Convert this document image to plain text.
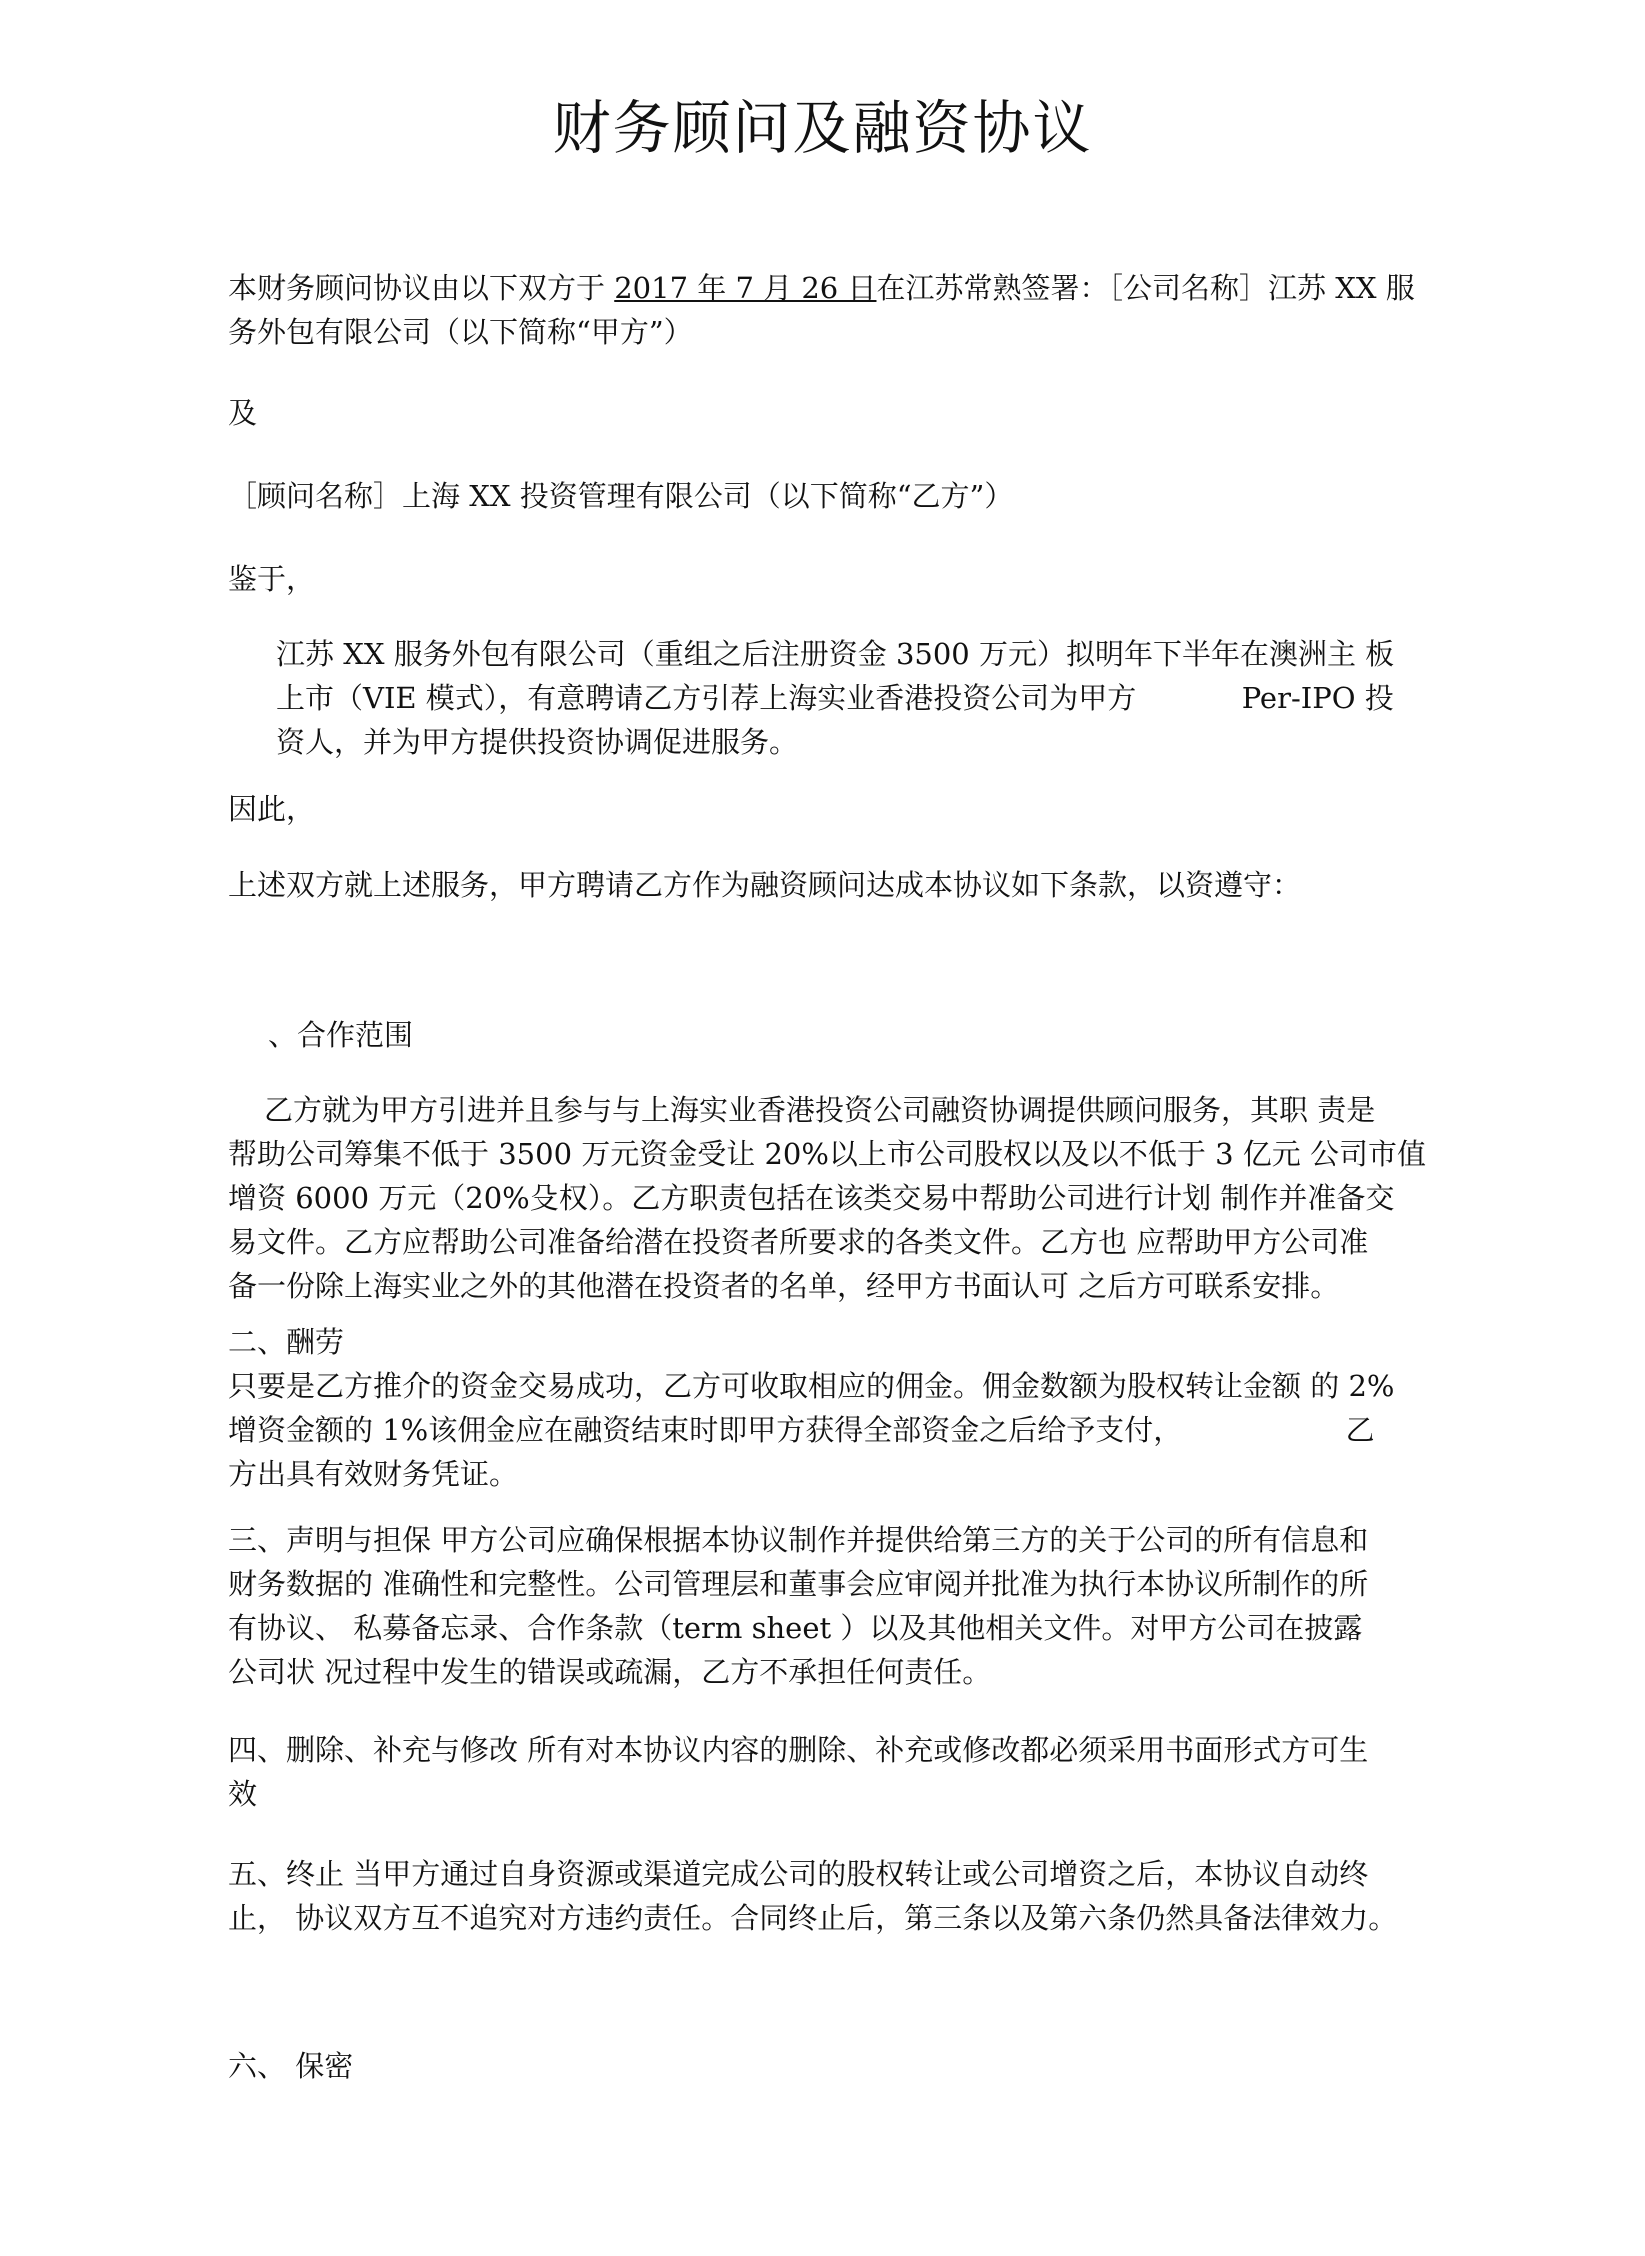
财务顾问及融资协议

本财务顾问协议由以下双方于 2017 年 7 月 26 日在江苏常熟签署：［公司名称］江苏 XX 服
务外包有限公司（以下简称“甲方”）

及

［顾问名称］上海 XX 投资管理有限公司（以下简称“乙方”）

鉴于，

江苏 XX 服务外包有限公司（重组之后注册资金 3500 万元）拟明年下半年在澳洲主 板
上市（VIE 模式），有意聘请乙方引荐上海实业香港投资公司为甲方 　　　 Per-IPO 投
资人，并为甲方提供投资协调促进服务。

因此，

上述双方就上述服务，甲方聘请乙方作为融资顾问达成本协议如下条款，以资遵守：

、合作范围

乙方就为甲方引进并且参与与上海实业香港投资公司融资协调提供顾问服务，其职 责是
帮助公司筹集不低于 3500 万元资金受让 20%以上市公司股权以及以不低于 3 亿元 公司市值
增资 6000 万元（20%殳权）。乙方职责包括在该类交易中帮助公司进行计划 制作并准备交
易文件。乙方应帮助公司准备给潜在投资者所要求的各类文件。乙方也 应帮助甲方公司准
备一份除上海实业之外的其他潜在投资者的名单，经甲方书面认可 之后方可联系安排。

二、酬劳

只要是乙方推介的资金交易成功，乙方可收取相应的佣金。佣金数额为股权转让金额 的 2%
增资金额的 1%该佣金应在融资结束时即甲方获得全部资金之后给予支付， 　　　　　 乙
方出具有效财务凭证。

三、声明与担保 甲方公司应确保根据本协议制作并提供给第三方的关于公司的所有信息和
财务数据的 准确性和完整性。公司管理层和董事会应审阅并批准为执行本协议所制作的所
有协议、 私募备忘录、合作条款（term sheet ）以及其他相关文件。对甲方公司在披露
公司状 况过程中发生的错误或疏漏，乙方不承担任何责任。

四、删除、补充与修改 所有对本协议内容的删除、补充或修改都必须采用书面形式方可生
效

五、终止 当甲方通过自身资源或渠道完成公司的股权转让或公司增资之后，本协议自动终
止， 协议双方互不追究对方违约责任。合同终止后，第三条以及第六条仍然具备法律效力。

六、 保密
